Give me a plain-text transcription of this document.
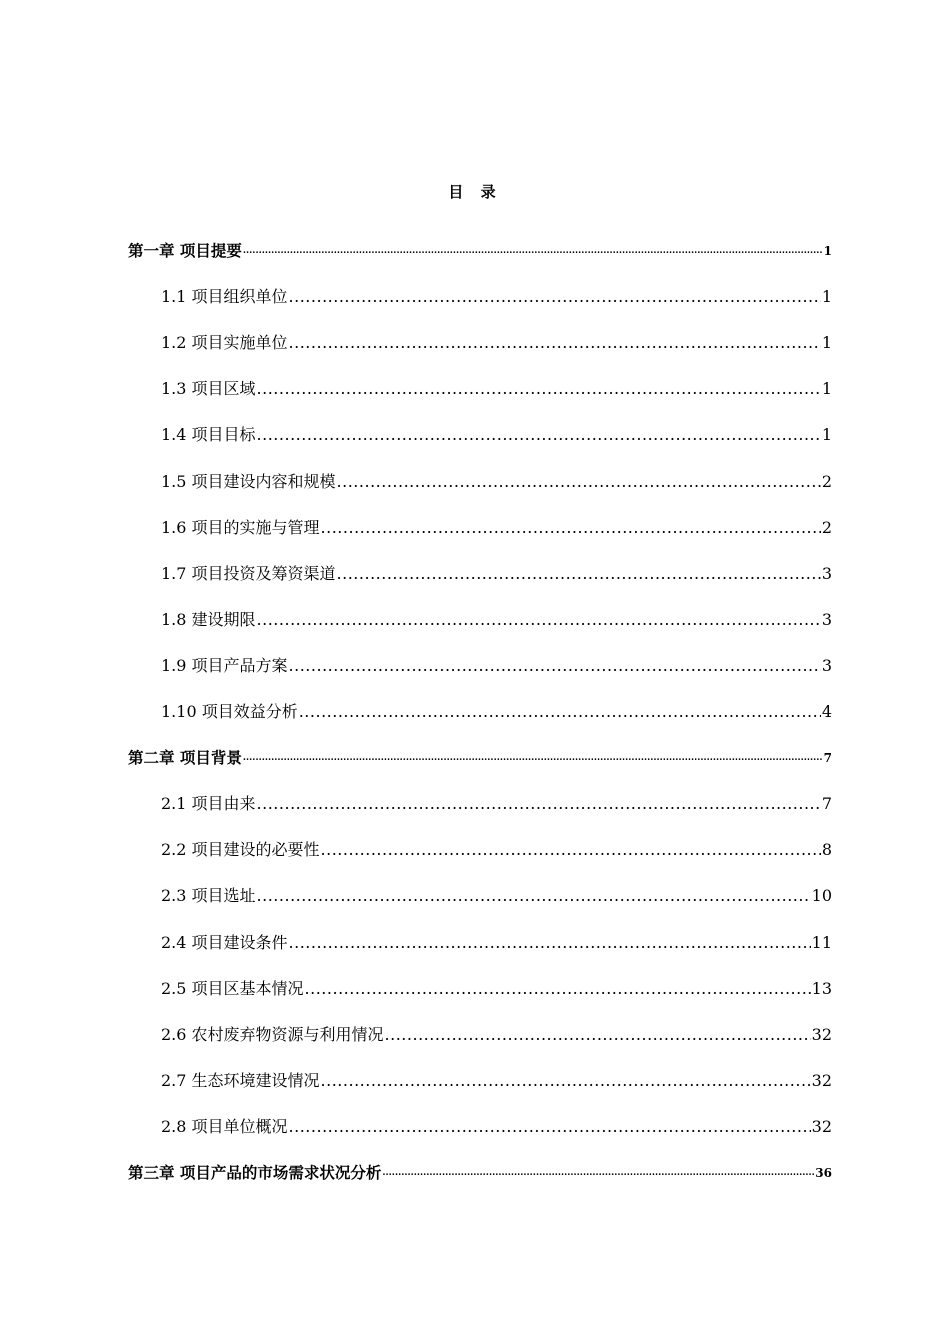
目 录
第一章 项目提要 .....	1
1.1 项目组织单位 .....	1
1.2 项目实施单位 .....	1
1.3 项目区域 .....	1
1.4 项目目标 .....	1
1.5 项目建设内容和规模 .....	2
1.6 项目的实施与管理 .....	2
1.7 项目投资及筹资渠道 .....	3
1.8 建设期限 .....	3
1.9 项目产品方案 .....	3
1.10 项目效益分析 .....	4
第二章 项目背景 .....	7
2.1 项目由来 .....	7
2.2 项目建设的必要性 .....	8
2.3 项目选址 .....	10
2.4 项目建设条件 .....	11
2.5 项目区基本情况 .....	13
2.6 农村废弃物资源与利用情况 .....	32
2.7 生态环境建设情况 .....	32
2.8 项目单位概况 .....	32
第三章 项目产品的市场需求状况分析 .....	36
